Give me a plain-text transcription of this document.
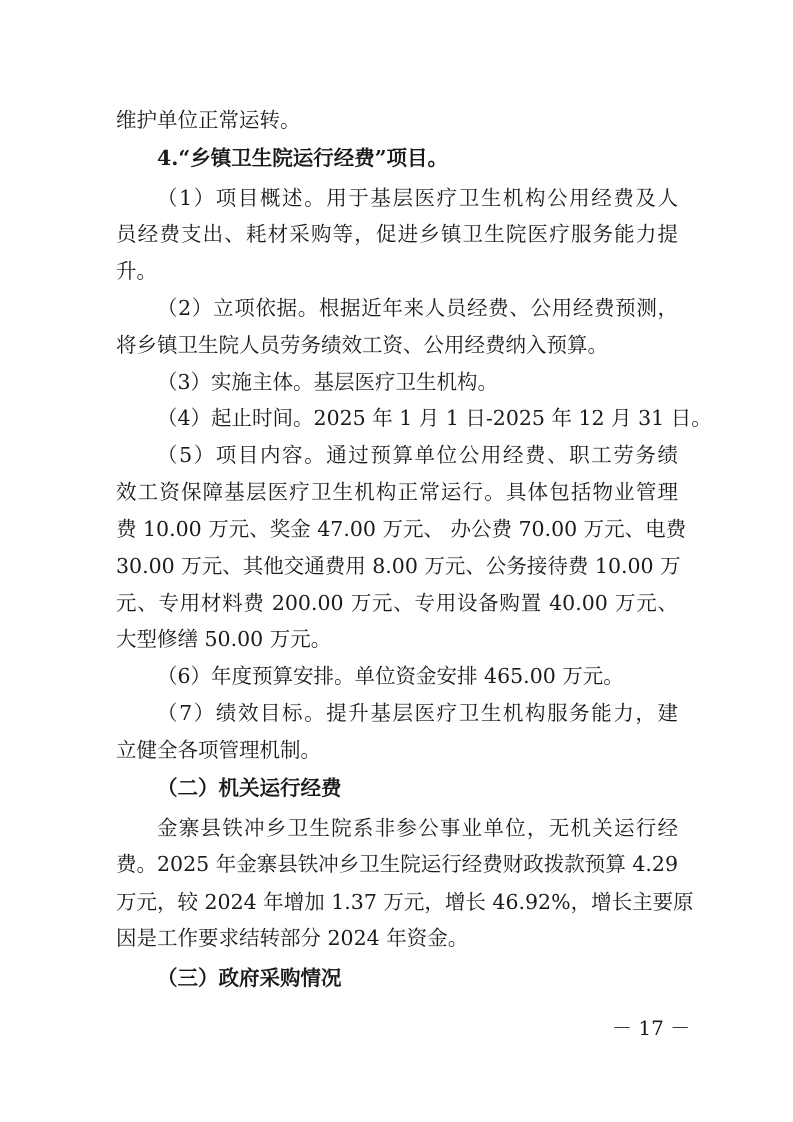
维护单位正常运转。
4.“乡镇卫生院运行经费”项目。
（1）项目概述。用于基层医疗卫生机构公用经费及人
员经费支出、耗材采购等，促进乡镇卫生院医疗服务能力提
升。
（2）立项依据。根据近年来人员经费、公用经费预测，
将乡镇卫生院人员劳务绩效工资、公用经费纳入预算。
（3）实施主体。基层医疗卫生机构。
（4）起止时间。2025 年 1 月 1 日-2025 年 12 月 31 日。
（5）项目内容。通过预算单位公用经费、职工劳务绩
效工资保障基层医疗卫生机构正常运行。具体包括物业管理
费 10.00 万元、奖金 47.00 万元、 办公费 70.00 万元、电费
30.00 万元、其他交通费用 8.00 万元、公务接待费 10.00 万
元、专用材料费 200.00 万元、专用设备购置 40.00 万元、
大型修缮 50.00 万元。
（6）年度预算安排。单位资金安排 465.00 万元。
（7）绩效目标。提升基层医疗卫生机构服务能力，建
立健全各项管理机制。
（二）机关运行经费
金寨县铁冲乡卫生院系非参公事业单位，无机关运行经
费。2025 年金寨县铁冲乡卫生院运行经费财政拨款预算 4.29
万元，较 2024 年增加 1.37 万元，增长 46.92%，增长主要原
因是工作要求结转部分 2024 年资金。
（三）政府采购情况
－ 17 －
